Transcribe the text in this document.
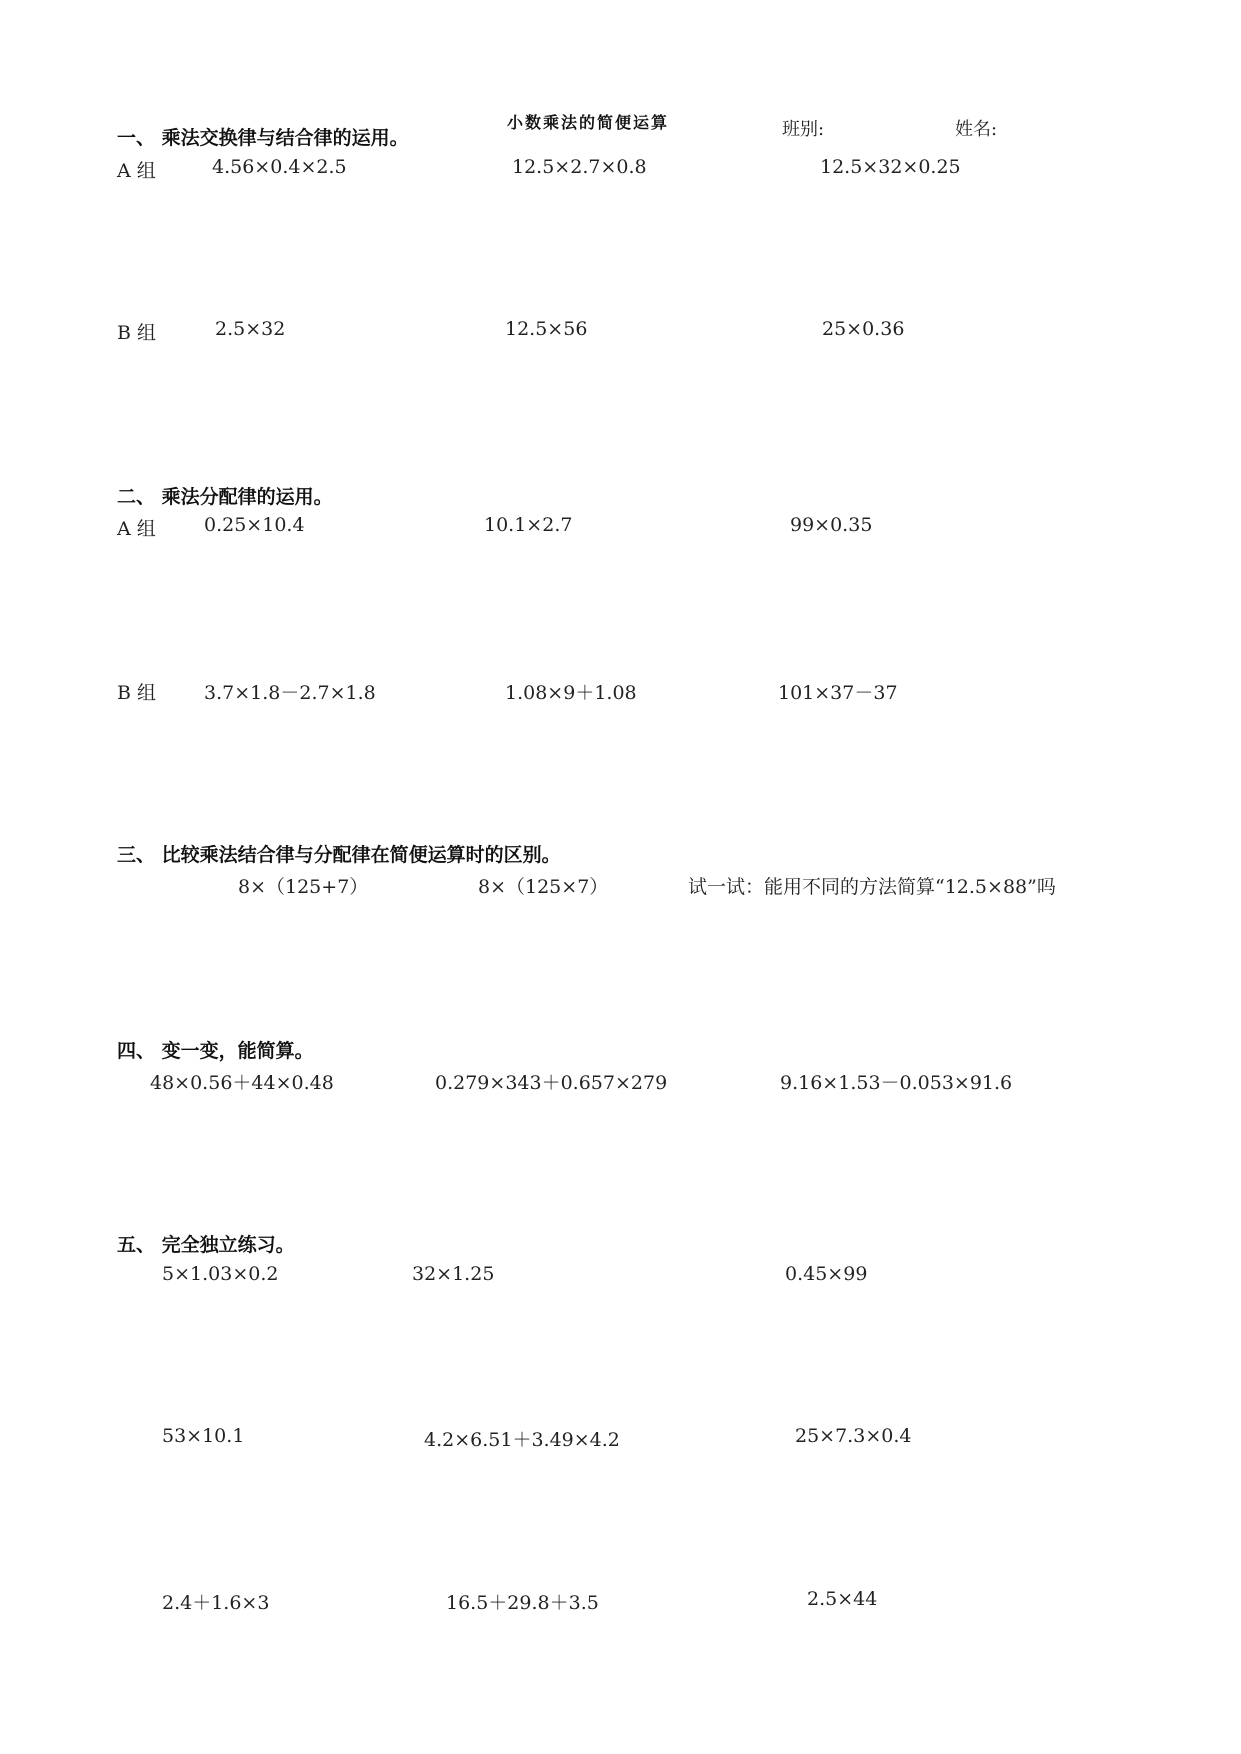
一、 乘法交换律与结合律的运用。
小数乘法的简便运算	班别:	姓名:
A 组	4.56×0.4×2.5	12.5×2.7×0.8	12.5×32×0.25
B 组	2.5×32	12.5×56	25×0.36
二、 乘法分配律的运用。
A 组	0.25×10.4	10.1×2.7	99×0.35
B 组	3.7×1.8－2.7×1.8	1.08×9＋1.08	101×37－37
三、 比较乘法结合律与分配律在简便运算时的区别。
8×（125+7）	8×（125×7）	试一试：能用不同的方法简算“12.5×88”吗
四、 变一变，能简算。
48×0.56＋44×0.48	0.279×343＋0.657×279	9.16×1.53－0.053×91.6
五、 完全独立练习。
5×1.03×0.2	32×1.25	0.45×99
53×10.1	4.2×6.51＋3.49×4.2	25×7.3×0.4
2.4＋1.6×3	16.5＋29.8＋3.5	2.5×44
